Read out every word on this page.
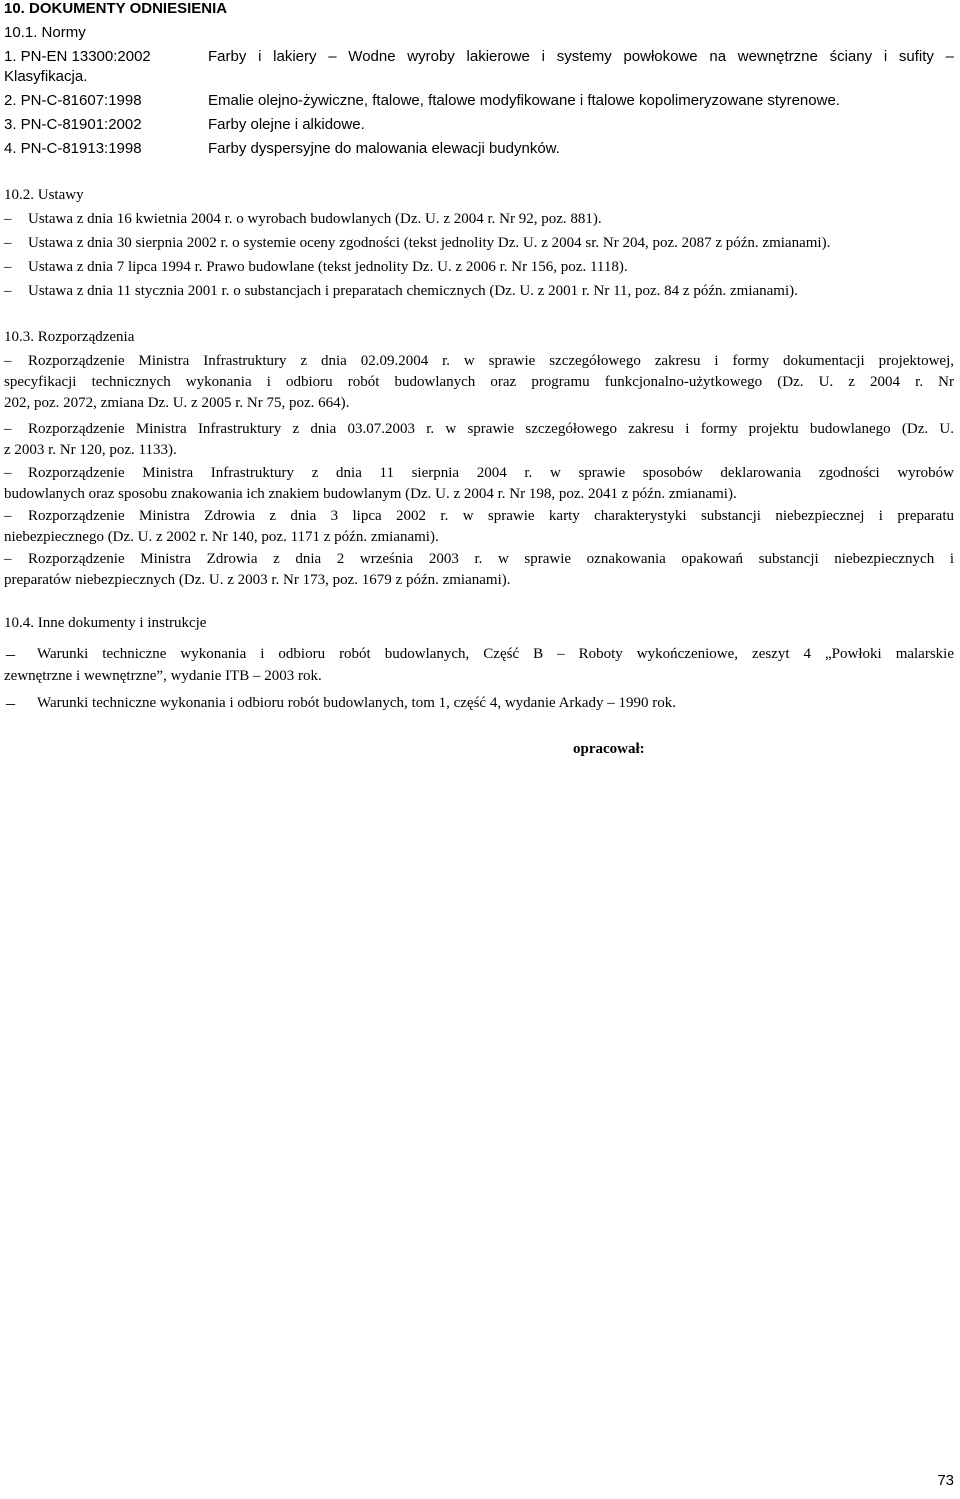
10. DOKUMENTY ODNIESIENIA
10.1. Normy
1. PN-EN 13300:2002	Farby i lakiery – Wodne wyroby lakierowe i systemy powłokowe na wewnętrzne ściany i sufity –
Klasyfikacja.
2. PN-C-81607:1998	Emalie olejno-żywiczne, ftalowe, ftalowe modyfikowane i ftalowe kopolimeryzowane styrenowe.
3. PN-C-81901:2002	Farby olejne i alkidowe.
4. PN-C-81913:1998	Farby dyspersyjne do malowania elewacji budynków.
10.2. Ustawy
– Ustawa z dnia 16 kwietnia 2004 r. o wyrobach budowlanych (Dz. U. z 2004 r. Nr 92, poz. 881).
– Ustawa z dnia 30 sierpnia 2002 r. o systemie oceny zgodności (tekst jednolity Dz. U. z 2004 sr. Nr 204, poz. 2087 z późn. zmianami).
– Ustawa z dnia 7 lipca 1994 r. Prawo budowlane (tekst jednolity Dz. U. z 2006 r. Nr 156, poz. 1118).
– Ustawa z dnia 11 stycznia 2001 r. o substancjach i preparatach chemicznych (Dz. U. z 2001 r. Nr 11, poz. 84 z późn. zmianami).
10.3. Rozporządzenia
– Rozporządzenie Ministra Infrastruktury z dnia 02.09.2004 r. w sprawie szczegółowego zakresu i formy dokumentacji projektowej,
specyfikacji technicznych wykonania i odbioru robót budowlanych oraz programu funkcjonalno-użytkowego (Dz. U. z 2004 r. Nr
202, poz. 2072, zmiana Dz. U. z 2005 r. Nr 75, poz. 664).
– Rozporządzenie Ministra Infrastruktury z dnia 03.07.2003 r. w sprawie szczegółowego zakresu i formy projektu budowlanego (Dz. U.
z 2003 r. Nr 120, poz. 1133).
– Rozporządzenie Ministra Infrastruktury z dnia 11 sierpnia 2004 r. w sprawie sposobów deklarowania zgodności wyrobów
budowlanych oraz sposobu znakowania ich znakiem budowlanym (Dz. U. z 2004 r. Nr 198, poz. 2041 z późn. zmianami).
– Rozporządzenie Ministra Zdrowia z dnia 3 lipca 2002 r. w sprawie karty charakterystyki substancji niebezpiecznej i preparatu
niebezpiecznego (Dz. U. z 2002 r. Nr 140, poz. 1171 z późn. zmianami).
– Rozporządzenie Ministra Zdrowia z dnia 2 września 2003 r. w sprawie oznakowania opakowań substancji niebezpiecznych i
preparatów niebezpiecznych (Dz. U. z 2003 r. Nr 173, poz. 1679 z późn. zmianami).
10.4. Inne dokumenty i instrukcje
– Warunki techniczne wykonania i odbioru robót budowlanych, Część B – Roboty wykończeniowe, zeszyt 4 „Powłoki malarskie
zewnętrzne i wewnętrzne”, wydanie ITB – 2003 rok.
– Warunki techniczne wykonania i odbioru robót budowlanych, tom 1, część 4, wydanie Arkady – 1990 rok.
opracował:
73
